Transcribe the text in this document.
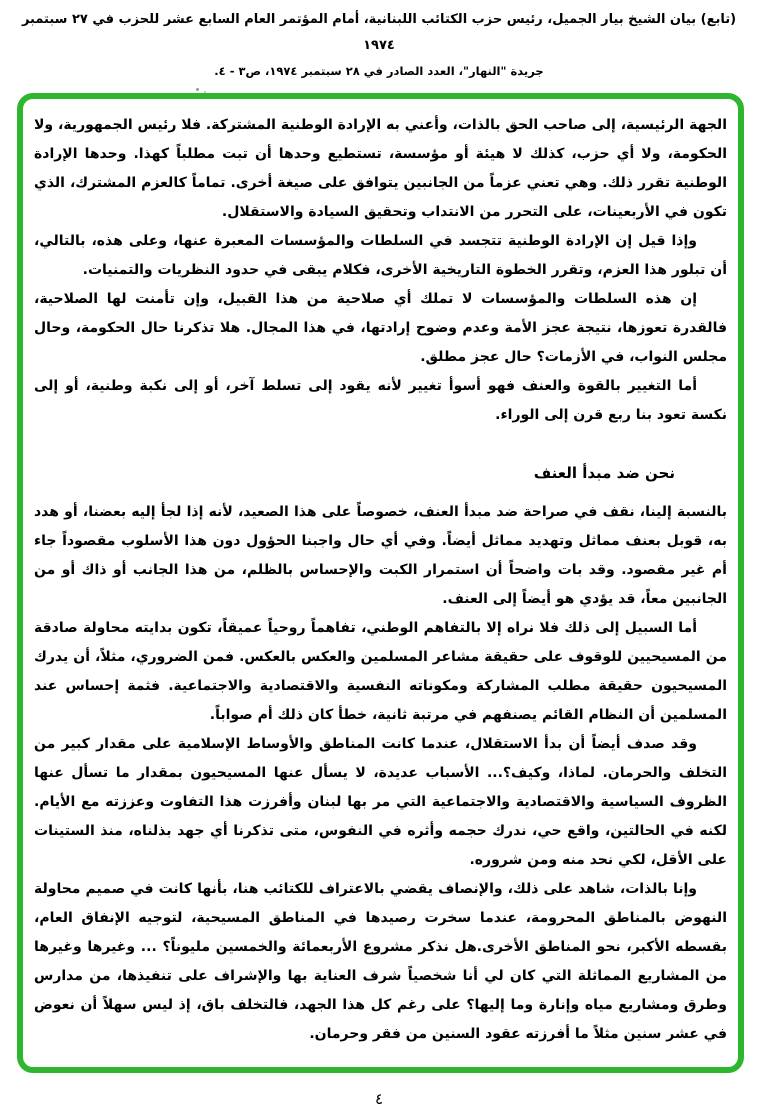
(تابع) بيان الشيخ بيار الجميل، رئيس حزب الكتائب اللبنانية، أمام المؤتمر العام السابع عشر للحزب في ٢٧ سبتمبر
١٩٧٤
جريدة "النهار"، العدد الصادر في ٢٨ سبتمبر ١٩٧٤، ص٣ - ٤.

الجهة الرئيسية، إلى صاحب الحق بالذات، وأعني به الإرادة الوطنية المشتركة. فلا رئيس الجمهورية، ولا الحكومة، ولا أي حزب، كذلك لا هيئة أو مؤسسة، تستطيع وحدها أن تبت مطلباً كهذا. وحدها الإرادة الوطنية تقرر ذلك. وهي تعني عزماً من الجانبين يتوافق على صيغة أخرى. تماماً كالعزم المشترك، الذي تكون في الأربعينات، على التحرر من الانتداب وتحقيق السيادة والاستقلال.

وإذا قيل إن الإرادة الوطنية تتجسد في السلطات والمؤسسات المعبرة عنها، وعلى هذه، بالتالي، أن تبلور هذا العزم، وتقرر الخطوة التاريخية الأخرى، فكلام يبقى في حدود النظريات والتمنيات.

إن هذه السلطات والمؤسسات لا تملك أي صلاحية من هذا القبيل، وإن تأمنت لها الصلاحية، فالقدرة تعوزها، نتيجة عجز الأمة وعدم وضوح إرادتها، في هذا المجال. هلا تذكرنا حال الحكومة، وحال مجلس النواب، في الأزمات؟ حال عجز مطلق.

أما التغيير بالقوة والعنف فهو أسوأ تغيير لأنه يقود إلى تسلط آخر، أو إلى نكبة وطنية، أو إلى نكسة تعود بنا ربع قرن إلى الوراء.

نحن ضد مبدأ العنف

بالنسبة إلينا، نقف في صراحة ضد مبدأ العنف، خصوصاً على هذا الصعيد، لأنه إذا لجأ إليه بعضنا، أو هدد به، قوبل بعنف مماثل وتهديد مماثل أيضاً. وفي أي حال واجبنا الحؤول دون هذا الأسلوب مقصوداً جاء أم غير مقصود. وقد بات واضحاً أن استمرار الكبت والإحساس بالظلم، من هذا الجانب أو ذاك أو من الجانبين معاً، قد يؤدي هو أيضاً إلى العنف.

أما السبيل إلى ذلك فلا نراه إلا بالتفاهم الوطني، تفاهماً روحياً عميقاً، تكون بدايته محاولة صادقة من المسيحيين للوقوف على حقيقة مشاعر المسلمين والعكس بالعكس. فمن الضروري، مثلاً، أن يدرك المسيحيون حقيقة مطلب المشاركة ومكوناته النفسية والاقتصادية والاجتماعية. فثمة إحساس عند المسلمين أن النظام القائم يصنفهم في مرتبة ثانية، خطأ كان ذلك أم صواباً.

وقد صدف أيضاً أن بدأ الاستقلال، عندما كانت المناطق والأوساط الإسلامية على مقدار كبير من التخلف والحرمان. لماذا، وكيف؟... الأسباب عديدة، لا يسأل عنها المسيحيون بمقدار ما تسأل عنها الظروف السياسية والاقتصادية والاجتماعية التي مر بها لبنان وأفرزت هذا التفاوت وعززته مع الأيام. لكنه في الحالتين، واقع حي، ندرك حجمه وأثره في النفوس، متى تذكرنا أي جهد بذلناه، منذ الستينات على الأقل، لكي نحد منه ومن شروره.

وإنا بالذات، شاهد على ذلك، والإنصاف يقضي بالاعتراف للكتائب هنا، بأنها كانت في صميم محاولة النهوض بالمناطق المحرومة، عندما سخرت رصيدها في المناطق المسيحية، لتوجيه الإنفاق العام، بقسطه الأكبر، نحو المناطق الأخرى.هل نذكر مشروع الأربعمائة والخمسين مليوناً؟ ... وغيرها وغيرها من المشاريع المماثلة التي كان لي أنا شخصياً شرف العناية بها والإشراف على تنفيذها، من مدارس وطرق ومشاريع مياه وإنارة وما إليها؟ على رغم كل هذا الجهد، فالتخلف باق، إذ ليس سهلاً أن نعوض في عشر سنين مثلاً ما أفرزته عقود السنين من فقر وحرمان.

٤
